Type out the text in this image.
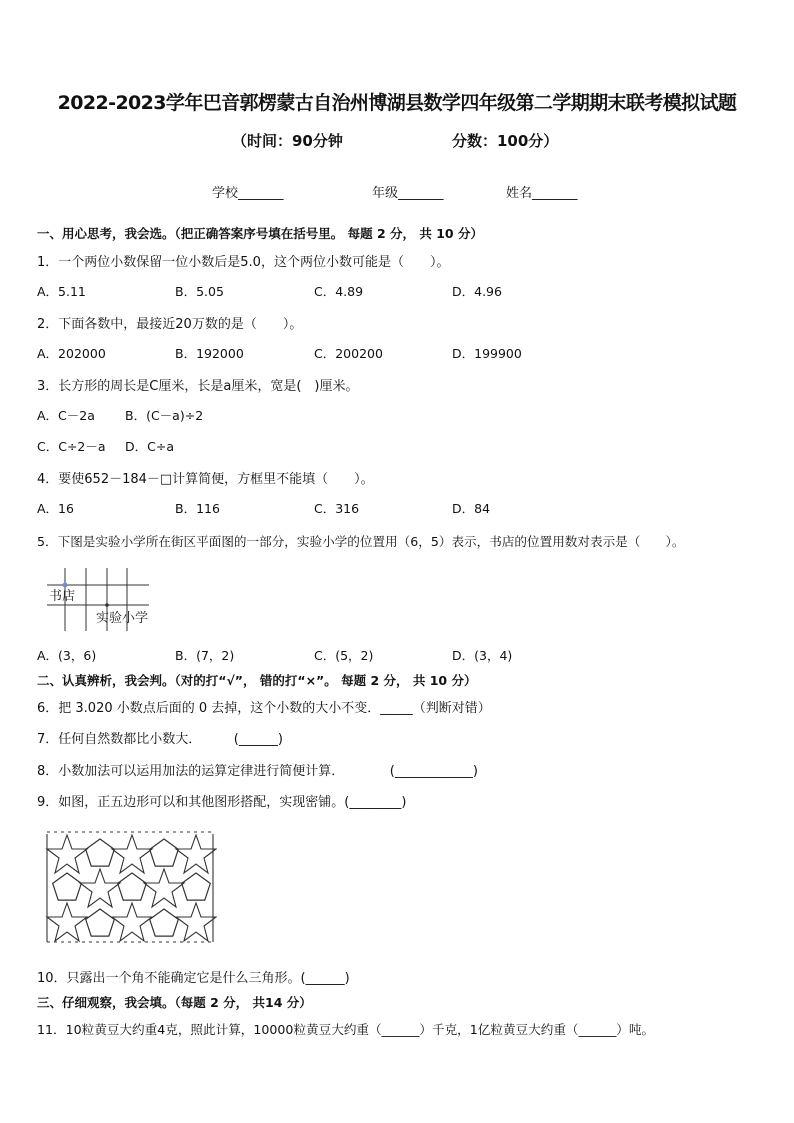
2022-2023学年巴音郭楞蒙古自治州博湖县数学四年级第二学期期末联考模拟试题
（时间：90分钟	分数：100分）
学校_______	年级_______	姓名_______
一、用心思考，我会选。（把正确答案序号填在括号里。 每题 2 分， 共 10 分）
1．一个两位小数保留一位小数后是5.0，这个两位小数可能是（　　）。
A．5.11	B．5.05	C．4.89	D．4.96
2．下面各数中，最接近20万数的是（　　）。
A．202000	B．192000	C．200200	D．199900
3．长方形的周长是C厘米，长是a厘米，宽是(　)厘米。
A．C－2a B．(C－a)÷2
C．C÷2－a D．C÷a
4．要使652－184－□计算简便，方框里不能填（　　）。
A．16	B．116	C．316	D．84
5．下图是实验小学所在街区平面图的一部分，实验小学的位置用（6，5）表示，书店的位置用数对表示是（　　）。
书店
实验小学
A．(3，6)	B．(7，2)	C．(5，2)	D．(3，4)
二、认真辨析，我会判。（对的打“√”， 错的打“×”。 每题 2 分， 共 10 分）
6．把 3.020 小数点后面的 0 去掉，这个小数的大小不变．_____（判断对错）
7．任何自然数都比小数大．　　　(______)
8．小数加法可以运用加法的运算定律进行简便计算．　　　　(____________)
9．如图，正五边形可以和其他图形搭配，实现密铺。(________)
10．只露出一个角不能确定它是什么三角形。(______)
三、仔细观察，我会填。（每题 2 分， 共14 分）
11．10粒黄豆大约重4克，照此计算，10000粒黄豆大约重（______）千克，1亿粒黄豆大约重（______）吨。
